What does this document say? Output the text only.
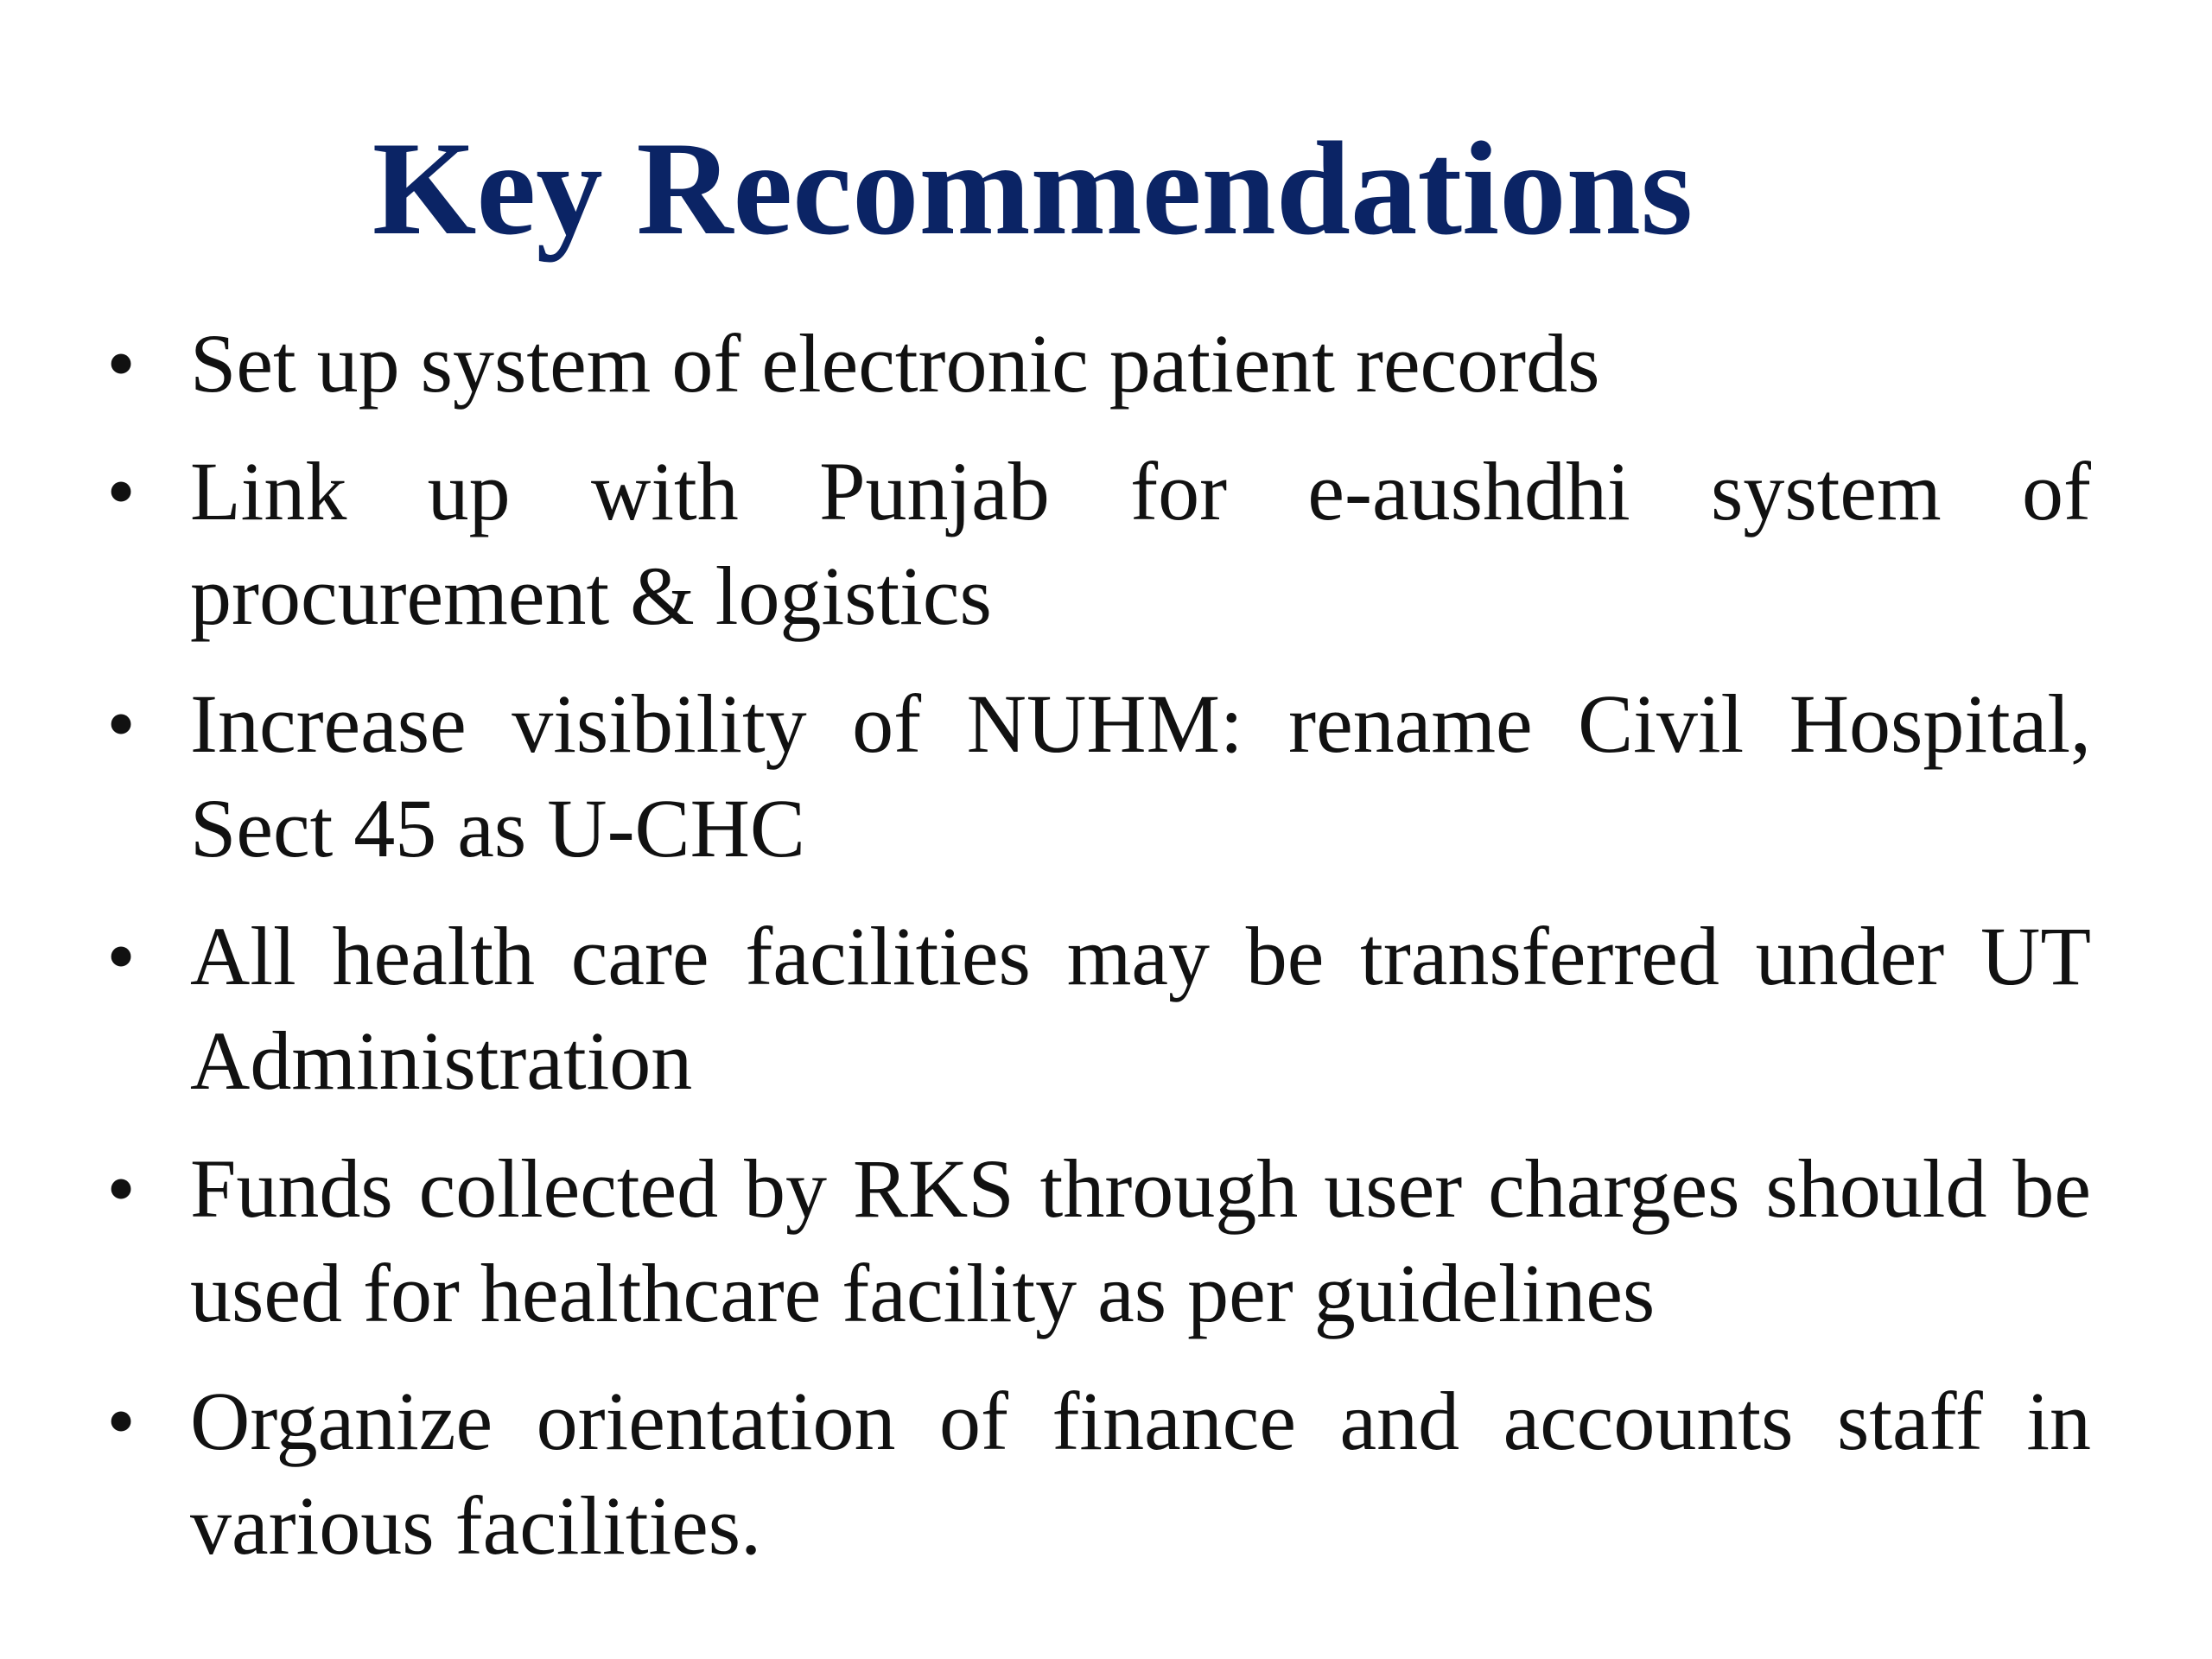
Key Recommendations
• Set up system of electronic patient records
• Link up with Punjab for e-aushdhi system of procurement & logistics
• Increase visibility of NUHM: rename Civil Hospital, Sect 45 as U-CHC
• All health care facilities may be transferred under UT Administration
• Funds collected by RKS through user charges should be used for healthcare facility as per guidelines
• Organize orientation of finance and accounts staff in various facilities.
